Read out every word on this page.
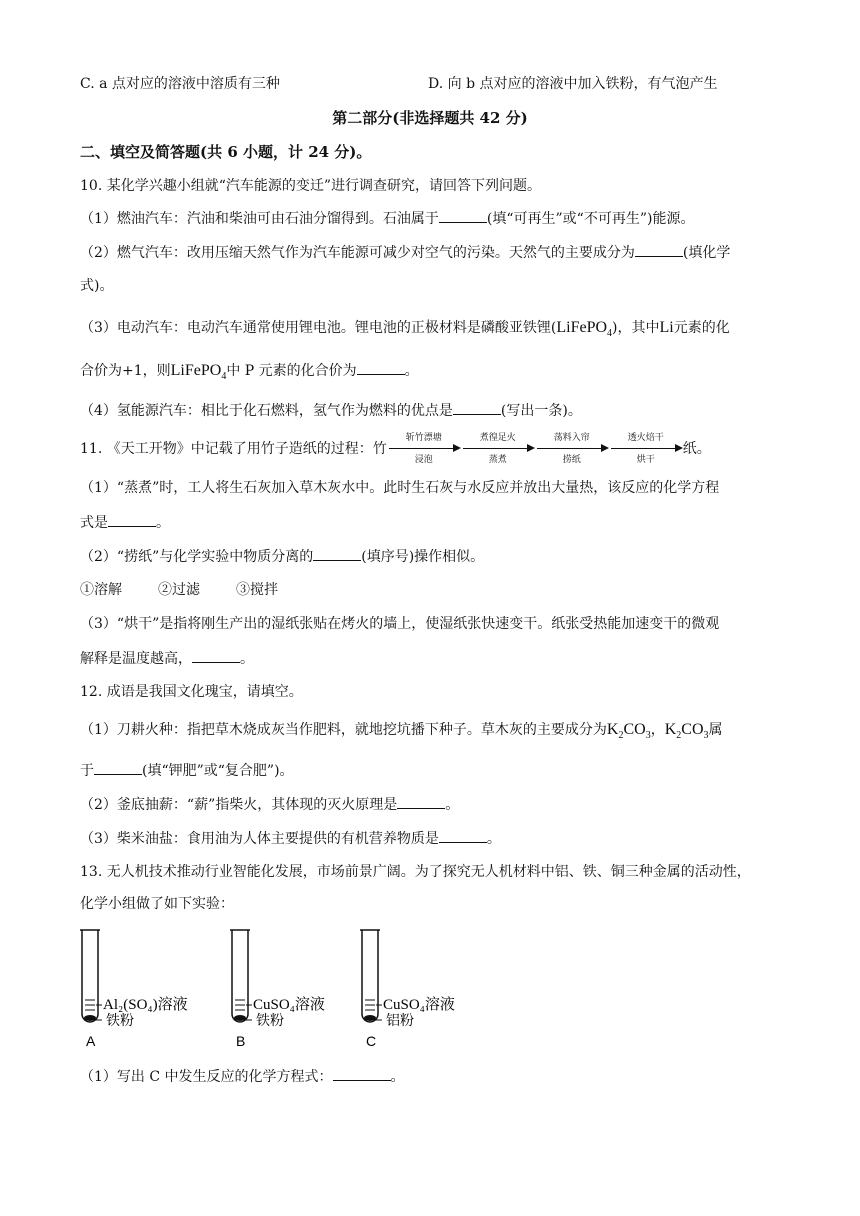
C. a 点对应的溶液中溶质有三种	D. 向 b 点对应的溶液中加入铁粉，有气泡产生
第二部分(非选择题共 42 分)
二、填空及简答题(共 6 小题，计 24 分)。
10. 某化学兴趣小组就“汽车能源的变迁”进行调查研究，请回答下列问题。
（1）燃油汽车：汽油和柴油可由石油分馏得到。石油属于	(填“可再生”或“不可再生”)能源。
（2）燃气汽车：改用压缩天然气作为汽车能源可减少对空气的污染。天然气的主要成分为	(填化学
式)。
（3）电动汽车：电动汽车通常使用锂电池。锂电池的正极材料是磷酸亚铁锂(LiFePO$_4$)，其中Li元素的化
合价为+1，则LiFePO$_4$中 P 元素的化合价为	。
（4）氢能源汽车：相比于化石燃料，氢气作为燃料的优点是	(写出一条)。
11. 《天工开物》中记载了用竹子造纸的过程：竹
斩竹漂塘
浸泡
煮徨足火
蒸煮
荡料入帘
捞纸
透火焙干
烘干
纸。
（1）“蒸煮”时，工人将生石灰加入草木灰水中。此时生石灰与水反应并放出大量热，该反应的化学方程
式是	。
（2）“捞纸”与化学实验中物质分离的	(填序号)操作相似。
①溶解	②过滤	③搅拌
（3）“烘干”是指将刚生产出的湿纸张贴在烤火的墙上，使湿纸张快速变干。纸张受热能加速变干的微观
解释是温度越高，	。
12. 成语是我国文化瑰宝，请填空。
（1）刀耕火种：指把草木烧成灰当作肥料，就地挖坑播下种子。草木灰的主要成分为$K_2CO_3$，$K_2CO_3$属
于	(填“钾肥”或“复合肥”)。
（2）釜底抽薪：“薪”指柴火，其体现的灭火原理是	。
（3）柴米油盐：食用油为人体主要提供的有机营养物质是	。
13. 无人机技术推动行业智能化发展，市场前景广阔。为了探究无人机材料中铝、铁、铜三种金属的活动性，
化学小组做了如下实验：
Al₂(SO₄)溶液
铁粉
A
CuSO₄溶液
铁粉
B
CuSO₄溶液
铝粉
C
（1）写出 C 中发生反应的化学方程式：	。
